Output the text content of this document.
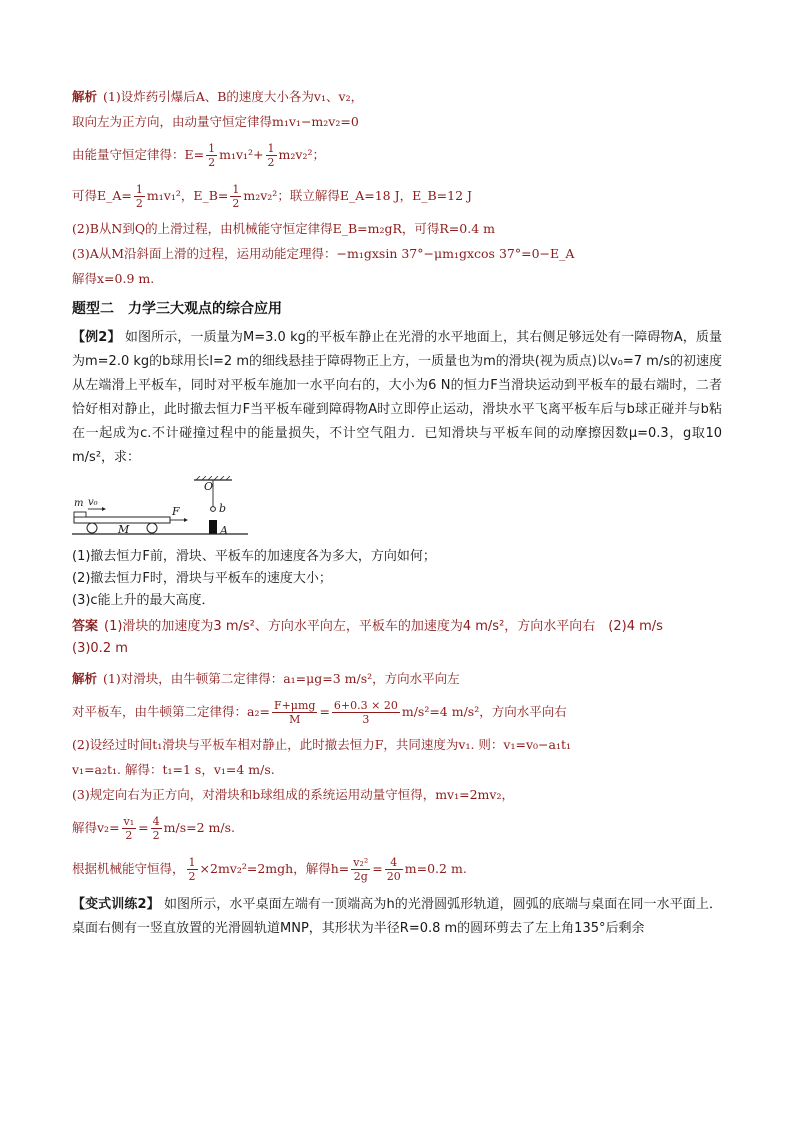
解析 (1)设炸药引爆后A、B的速度大小各为v₁、v₂，

取向左为正方向，由动量守恒定律得m₁v₁−m₂v₂=0

由能量守恒定律得：$E= \frac{1}{2} m_1v_1^2+ \frac{1}{2} m_2v_2^2$；

可得E_A= $\frac{1}{2} m_1v_1^2$，E_B= $\frac{1}{2} m_2v_2^2$；联立解得E_A=18 J，E_B=12 J

(2)B从N到Q的上滑过程，由机械能守恒定律得E_B=m₂gR，可得R=0.4 m

(3)A从M沿斜面上滑的过程，运用动能定理得：−m₁gxsin 37°−μm₁gxcos 37°=0−E_A

解得x=0.9 m.

题型二　力学三大观点的综合应用

【例2】 如图所示，一质量为M=3.0 kg的平板车静止在光滑的水平地面上，其右侧足够远处有一障碍物A，质量为m=2.0 kg的b球用长l=2 m的细线悬挂于障碍物正上方，一质量也为m的滑块(视为质点)以v₀=7 m/s的初速度从左端滑上平板车，同时对平板车施加一水平向右的，大小为6 N的恒力F当滑块运动到平板车的最右端时，二者恰好相对静止，此时撤去恒力F当平板车碰到障碍物A时立即停止运动，滑块水平飞离平板车后与b球正碰并与b粘在一起成为c.不计碰撞过程中的能量损失，不计空气阻力．已知滑块与平板车间的动摩擦因数μ=0.3，g取10 m/s²，求：

O
b
m v₀
F
M	A

(1)撤去恒力F前，滑块、平板车的加速度各为多大，方向如何；

(2)撤去恒力F时，滑块与平板车的速度大小；

(3)c能上升的最大高度．

答案 (1)滑块的加速度为3 m/s²、方向水平向左，平板车的加速度为4 m/s²，方向水平向右　(2)4 m/s

(3)0.2 m

解析 (1)对滑块，由牛顿第二定律得：a₁=μg=3 m/s²，方向水平向左

对平板车，由牛顿第二定律得：$a_2= \frac{\text{F+μmg}}{M} = \frac{6+0.3 \times 20}{3} m/s^2=4$ m/s²，方向水平向右

(2)设经过时间t₁滑块与平板车相对静止，此时撤去恒力F，共同速度为v₁. 则：v₁=v₀−a₁t₁

v₁=a₂t₁. 解得：t₁=1 s，v₁=4 m/s.

(3)规定向右为正方向，对滑块和b球组成的系统运用动量守恒得，mv₁=2mv₂，

解得$v_2= \frac{\text{v₁}}{2} = \frac{4}{2} m/s=2$ m/s.

根据机械能守恒得， $\frac{1}{2} \times 2mv_2^2=2mgh$，解得$h= \frac{\text{v₂²}}{2g} = \frac{4}{20} m=0.2$ m.

【变式训练2】 如图所示，水平桌面左端有一顶端高为h的光滑圆弧形轨道，圆弧的底端与桌面在同一水平面上．桌面右侧有一竖直放置的光滑圆轨道MNP，其形状为半径R=0.8 m的圆环剪去了左上角135°后剩余
